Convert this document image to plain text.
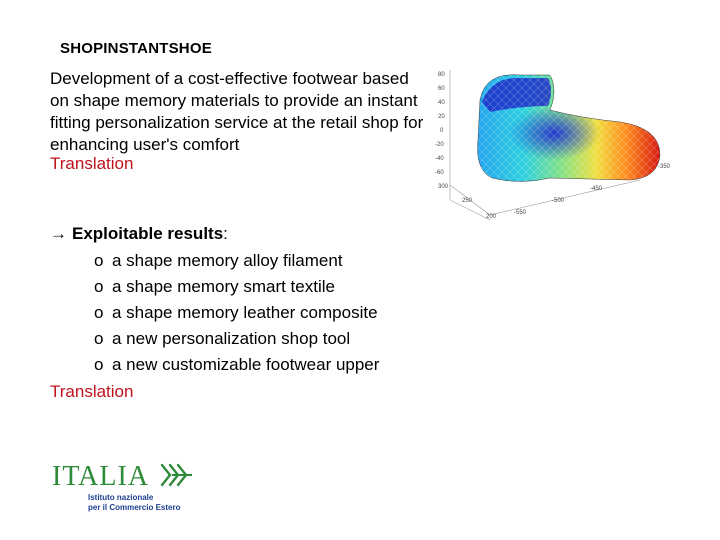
SHOPINSTANTSHOE
Development of a cost-effective footwear based
on shape memory materials to provide an instant
fitting personalization service at the retail shop for
enhancing user's comfort
Translation
80
60
40
20
0
-20
-40
-60
300
250
200
-450
-500
-550
-350
→ Exploitable results:
o a shape memory alloy filament
o a shape memory smart textile
o a shape memory leather composite
o a new personalization shop tool
o a new customizable footwear upper
Translation
ITALIA
Istituto nazionale
per il Commercio Estero
